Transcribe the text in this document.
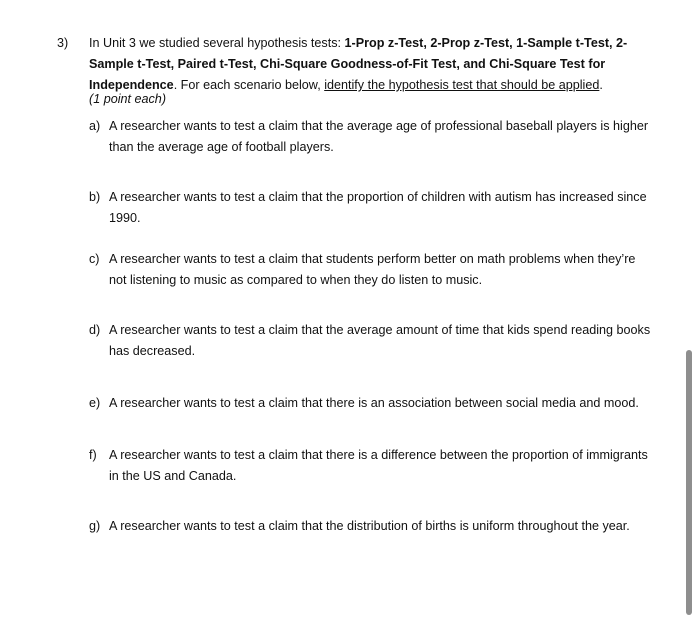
3) In Unit 3 we studied several hypothesis tests: 1-Prop z-Test, 2-Prop z-Test, 1-Sample t-Test, 2-Sample t-Test, Paired t-Test, Chi-Square Goodness-of-Fit Test, and Chi-Square Test for Independence. For each scenario below, identify the hypothesis test that should be applied.
(1 point each)
a) A researcher wants to test a claim that the average age of professional baseball players is higher than the average age of football players.
b) A researcher wants to test a claim that the proportion of children with autism has increased since 1990.
c) A researcher wants to test a claim that students perform better on math problems when they’re not listening to music as compared to when they do listen to music.
d) A researcher wants to test a claim that the average amount of time that kids spend reading books has decreased.
e) A researcher wants to test a claim that there is an association between social media and mood.
f) A researcher wants to test a claim that there is a difference between the proportion of immigrants in the US and Canada.
g) A researcher wants to test a claim that the distribution of births is uniform throughout the year.
